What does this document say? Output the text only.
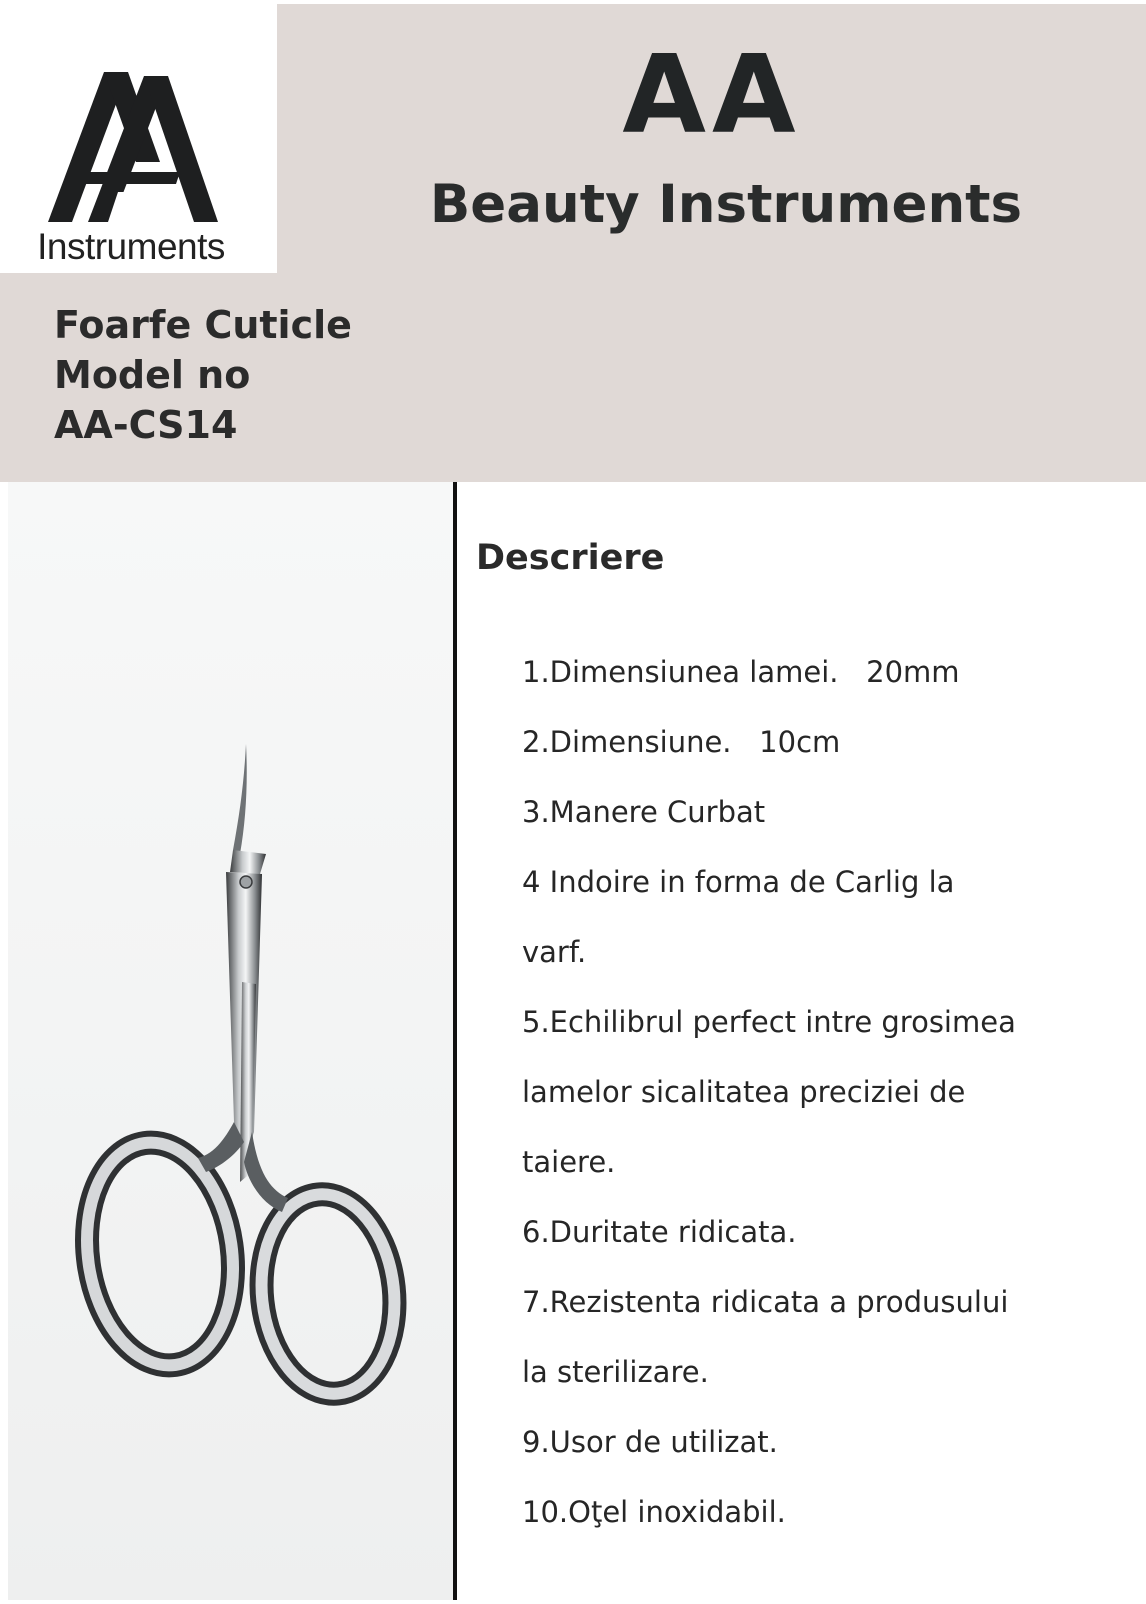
Instruments
AA
Beauty Instruments
Foarfe Cuticle
Model no
AA-CS14
Descriere
1.Dimensiunea lamei.   20mm
2.Dimensiune.   10cm
3.Manere Curbat
4 Indoire in forma de Carlig la
varf.
5.Echilibrul perfect intre grosimea
lamelor sicalitatea preciziei de
taiere.
6.Duritate ridicata.
7.Rezistenta ridicata a produsului
la sterilizare.
9.Usor de utilizat.
10.Oţel inoxidabil.
